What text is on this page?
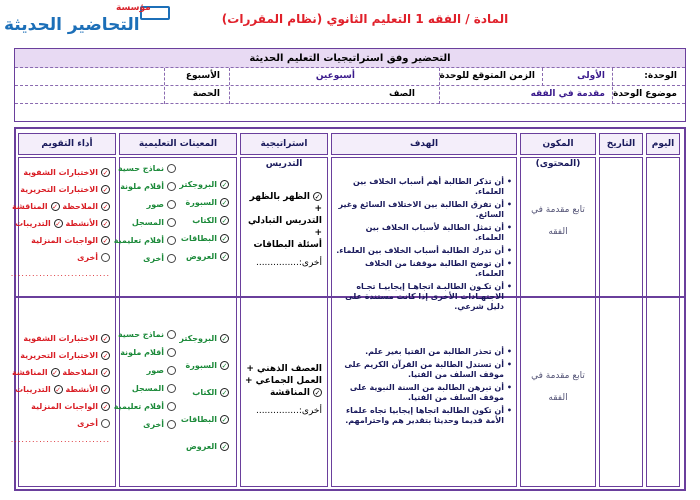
مؤسسة
التحاضير الحديثة	المادة / الفقه 1 التعليم الثانوي (نظام المقررات)
التحضير وفق استراتيجيات التعليم الحديثة
الوحدة:
الأولى
الزمن المتوقع للوحدة
أسبوعين
الأسبوع
موضوع الوحدة
مقدمة في الفقه
الصف
الحصة
اليوم
التاريخ
المكون (المحتوى)
الهدف
استراتيجية التدريس
المعينات التعليمية
أداء التقويم
تابع مقدمة في الفقه
• أن تذكر الطالبة أهم أسباب الخلاف بين العلماء.
• أن تفرق الطالبة بين الاختلاف السائغ وغير السائغ.
• أن تمثل الطالبة لأسباب الخلاف بين العلماء.
• أن تدرك الطالبة أسباب الخلاف بين العلماء.
• أن توضح الطالبة موقفنا من الخلاف العلماء.
• أن تكـون الطالبـة اتجاهـا إيجابيـا تجـاه الاجتهـادات الأخرى إذا كانت مستندة على دليل شرعي.
✓الظهر بالظهر +
التدريس التبادلي +
أسئلة البطاقات
أخرى:...............
✓البروجكتر
✓السبورة
✓الكتاب
✓البطاقات
✓العروض
نماذج حسية
أقلام ملونة
صور
المسجل
أفلام تعليمية
أخرى
✓الاختبارات الشفوية
✓الاختبارات التحريرية
✓الملاحظة ✓المناقشة
✓الأنشطة ✓التدريبات
✓الواجبات المنزلية
أخرى
............................
تابع مقدمة في الفقه
• أن تحذر الطالبة من الفتيا بغير علم.
• أن تستدل الطالبة من القرآن الكريم على موقف السلف من الفتيا.
• أن تبرهن الطالبة من السنة النبوية على موقف السلف من الفتيا.
• أن تكون الطالبة اتجاها إيجابيا تجاه علماء الأمة قديما وحديثا بتقدير هم واحترامهم.
العصف الذهني +
العمل الجماعي +
✓المناقشة
أخرى:...............
✓البروجكتر
✓السبورة
✓الكتاب
✓البطاقات
✓العروض
نماذج حسية
أقلام ملونة
صور
المسجل
أفلام تعليمية
أخرى
✓الاختبارات الشفوية
✓الاختبارات التحريرية
✓الملاحظة ✓المناقشة
✓الأنشطة ✓التدريبات
✓الواجبات المنزلية
أخرى
............................
